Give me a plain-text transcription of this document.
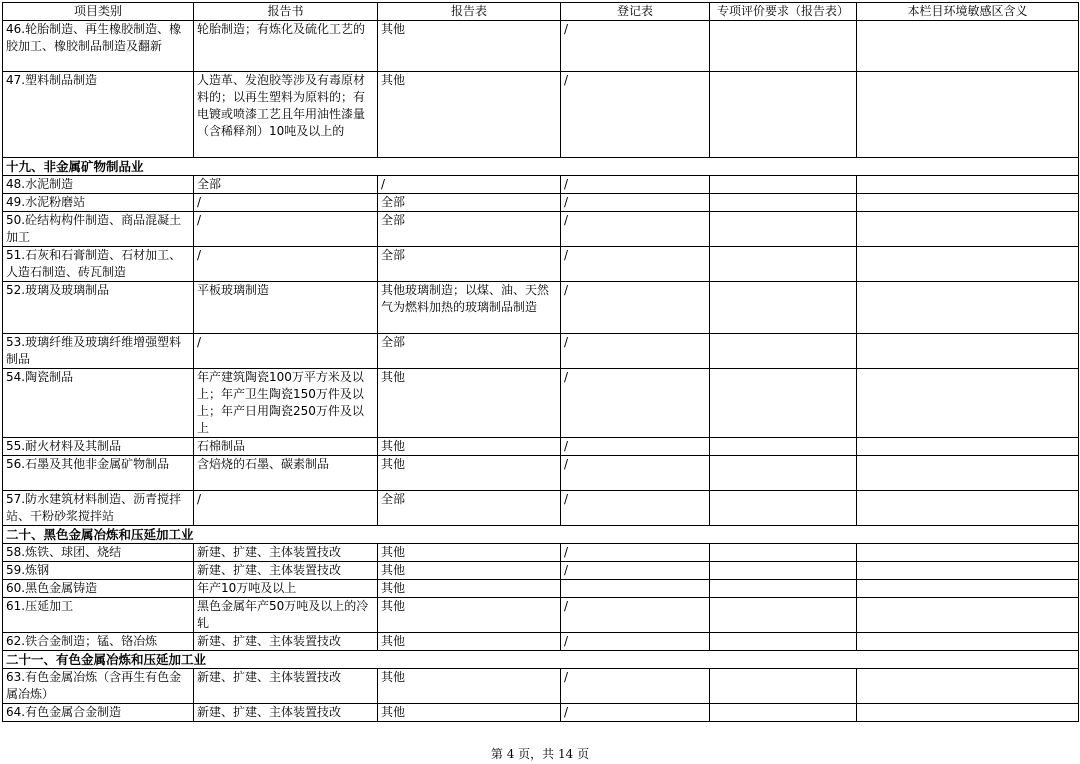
项目类别	报告书	报告表	登记表	专项评价要求（报告表）	本栏目环境敏感区含义
46.轮胎制造、再生橡胶制造、橡胶加工、橡胶制品制造及翻新	轮胎制造；有炼化及硫化工艺的	其他	/		
47.塑料制品制造	人造革、发泡胶等涉及有毒原材料的；以再生塑料为原料的；有电镀或喷漆工艺且年用油性漆量（含稀释剂）10吨及以上的	其他	/		
十九、非金属矿物制品业					
48.水泥制造	全部	/	/		
49.水泥粉磨站	/	全部	/		
50.砼结构构件制造、商品混凝土加工	/	全部	/		
51.石灰和石膏制造、石材加工、人造石制造、砖瓦制造	/	全部	/		
52.玻璃及玻璃制品	平板玻璃制造	其他玻璃制造；以煤、油、天然气为燃料加热的玻璃制品制造	/		
53.玻璃纤维及玻璃纤维增强塑料制品	/	全部	/		
54.陶瓷制品	年产建筑陶瓷100万平方米及以上；年产卫生陶瓷150万件及以上；年产日用陶瓷250万件及以上	其他	/		
55.耐火材料及其制品	石棉制品	其他	/		
56.石墨及其他非金属矿物制品	含焙烧的石墨、碳素制品	其他	/		
57.防水建筑材料制造、沥青搅拌站、干粉砂浆搅拌站	/	全部	/		
二十、黑色金属冶炼和压延加工业					
58.炼铁、球团、烧结	新建、扩建、主体装置技改	其他	/		
59.炼钢	新建、扩建、主体装置技改	其他	/		
60.黑色金属铸造	年产10万吨及以上	其他			
61.压延加工	黑色金属年产50万吨及以上的冷轧	其他	/		
62.铁合金制造；锰、铬冶炼	新建、扩建、主体装置技改	其他	/		
二十一、有色金属冶炼和压延加工业					
63.有色金属冶炼（含再生有色金属冶炼）	新建、扩建、主体装置技改	其他	/		
64.有色金属合金制造	新建、扩建、主体装置技改	其他	/		
第 4 页，共 14 页
